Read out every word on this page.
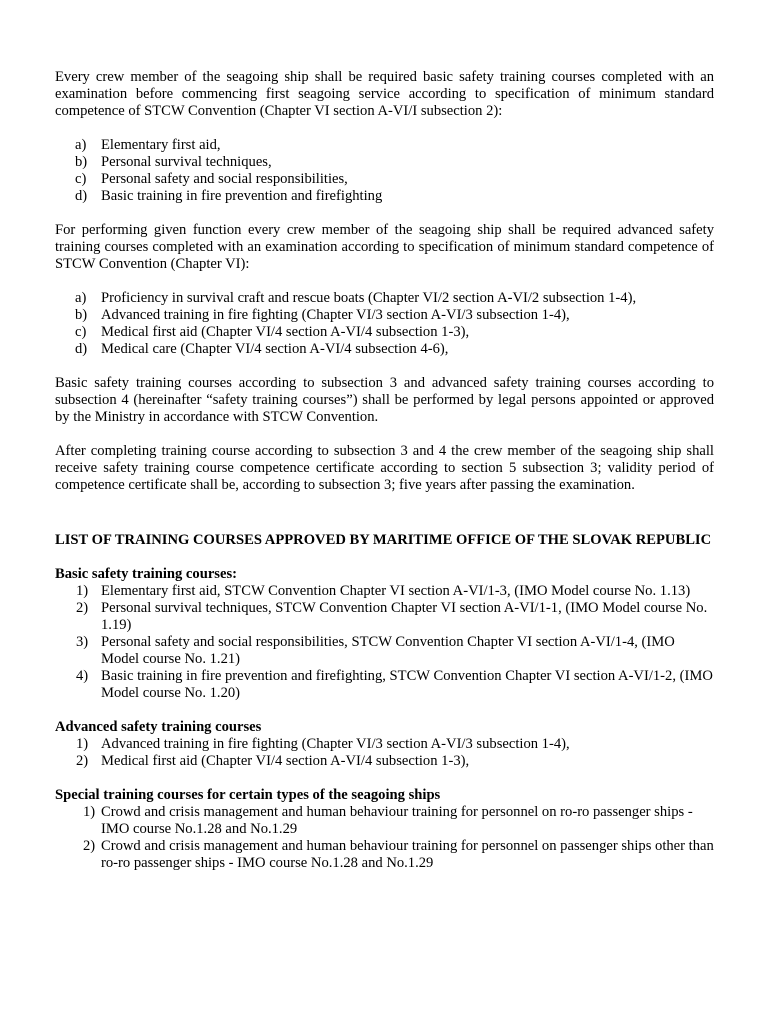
Every crew member of the seagoing ship shall be required basic safety training courses completed with an examination before commencing first seagoing service according to specification of minimum standard competence of STCW Convention (Chapter VI section A-VI/I subsection 2):

a) Elementary first aid,
b) Personal survival techniques,
c) Personal safety and social responsibilities,
d) Basic training in fire prevention and firefighting

For performing given function every crew member of the seagoing ship shall be required advanced safety training courses completed with an examination according to specification of minimum standard competence of STCW Convention (Chapter VI):

a) Proficiency in survival craft and rescue boats (Chapter VI/2 section A-VI/2 subsection 1-4),
b) Advanced training in fire fighting (Chapter VI/3 section A-VI/3 subsection 1-4),
c) Medical first aid (Chapter VI/4 section A-VI/4 subsection 1-3),
d) Medical care (Chapter VI/4 section A-VI/4 subsection 4-6),

Basic safety training courses according to subsection 3 and advanced safety training courses according to subsection 4 (hereinafter “safety training courses”) shall be performed by legal persons appointed or approved by the Ministry in accordance with STCW Convention.

After completing training course according to subsection 3 and 4 the crew member of the seagoing ship shall receive safety training course competence certificate according to section 5 subsection 3; validity period of competence certificate shall be, according to subsection 3; five years after passing the examination.

LIST OF TRAINING COURSES APPROVED BY MARITIME OFFICE OF THE SLOVAK REPUBLIC

Basic safety training courses:

1) Elementary first aid, STCW Convention Chapter VI section A-VI/1-3, (IMO Model course No. 1.13)
2) Personal survival techniques, STCW Convention Chapter VI section A-VI/1-1, (IMO Model course No. 1.19)
3) Personal safety and social responsibilities, STCW Convention Chapter VI section A-VI/1-4, (IMO Model course No. 1.21)
4) Basic training in fire prevention and firefighting, STCW Convention Chapter VI section A-VI/1-2, (IMO Model course No. 1.20)

Advanced safety training courses

1) Advanced training in fire fighting (Chapter VI/3 section A-VI/3 subsection 1-4),
2) Medical first aid (Chapter VI/4 section A-VI/4 subsection 1-3),

Special training courses for certain types of the seagoing ships

1) Crowd and crisis management and human behaviour training for personnel on ro-ro passenger ships - IMO course No.1.28 and No.1.29
2) Crowd and crisis management and human behaviour training for personnel on passenger ships other than ro-ro passenger ships - IMO course No.1.28 and No.1.29
